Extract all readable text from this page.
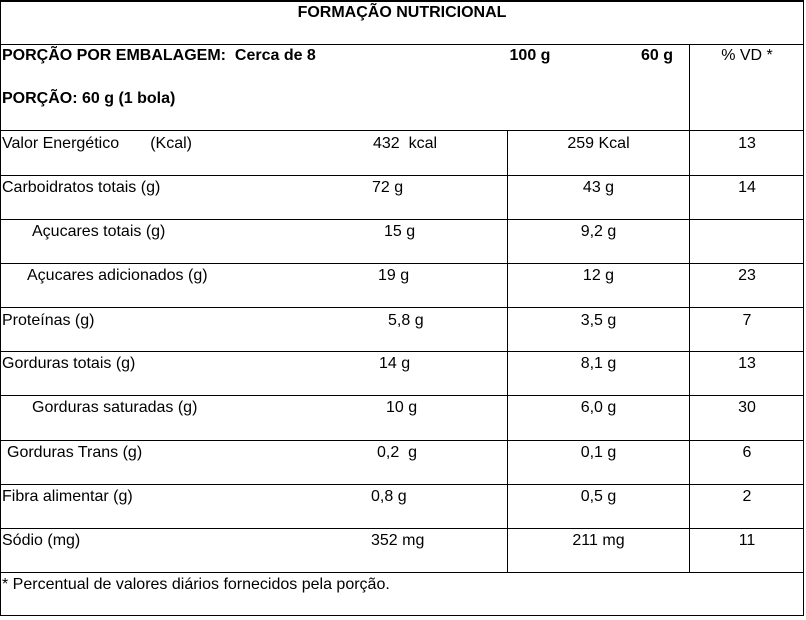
FORMAÇÃO NUTRICIONAL
PORÇÃO POR EMBALAGEM:  Cerca de 8	100 g	60 g	% VD *
PORÇÃO: 60 g (1 bola)
Valor Energético       (Kcal)	432  kcal	259 Kcal	13
Carboidratos totais (g)	72 g	43 g	14
Açucares totais (g)	15 g	9,2 g
Açucares adicionados (g)	19 g	12 g	23
Proteínas (g)	5,8 g	3,5 g	7
Gorduras totais (g)	14 g	8,1 g	13
Gorduras saturadas (g)	10 g	6,0 g	30
Gorduras Trans (g)	0,2  g	0,1 g	6
Fibra alimentar (g)	0,8 g	0,5 g	2
Sódio (mg)	352 mg	211 mg	11
* Percentual de valores diários fornecidos pela porção.
